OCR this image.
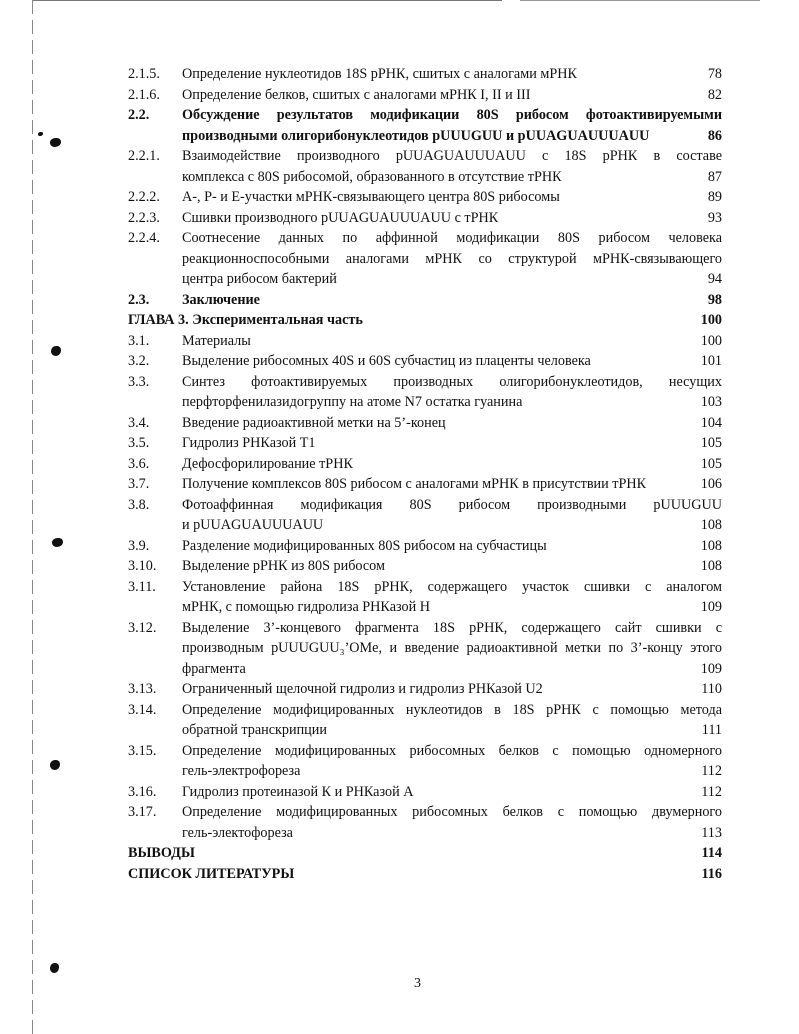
2.1.5.	Определение нуклеотидов 18S рРНК, сшитых с аналогами мРНК	78
2.1.6.	Определение белков, сшитых с аналогами мРНК I, II и III	82
2.2.	Обсуждение результатов модификации 80S рибосом фотоактивируемыми
производными олигорибонуклеотидов pUUUGUU и pUUAGUAUUUAUU	86
2.2.1.	Взаимодействие производного pUUAGUAUUUAUU с 18S рРНК в составе
комплекса с 80S рибосомой, образованного в отсутствие тРНК	87
2.2.2.	А-, Р- и Е-участки мРНК-связывающего центра 80S рибосомы	89
2.2.3.	Сшивки производного pUUAGUAUUUAUU с тРНК	93
2.2.4.	Соотнесение данных по аффинной модификации 80S рибосом человека
реакционноспособными аналогами мРНК со структурой мРНК-связывающего
центра рибосом бактерий	94
2.3.	Заключение	98
ГЛАВА 3. Экспериментальная часть	100
3.1.	Материалы	100
3.2.	Выделение рибосомных 40S и 60S субчастиц из плаценты человека	101
3.3.	Синтез фотоактивируемых производных олигорибонуклеотидов, несущих
перфторфенилазидогруппу на атоме N7 остатка гуанина	103
3.4.	Введение радиоактивной метки на 5’-конец	104
3.5.	Гидролиз РНКазой Т1	105
3.6.	Дефосфорилирование тРНК	105
3.7.	Получение комплексов 80S рибосом с аналогами мРНК в присутствии тРНК	106
3.8.	Фотоаффинная модификация 80S рибосом производными pUUUGUU
и pUUAGUAUUUAUU	108
3.9.	Разделение модифицированных 80S рибосом на субчастицы	108
3.10.	Выделение рРНК из 80S рибосом	108
3.11.	Установление района 18S рРНК, содержащего участок сшивки с аналогом
мРНК, с помощью гидролиза РНКазой Н	109
3.12.	Выделение 3’-концевого фрагмента 18S рРНК, содержащего сайт сшивки с
производным pUUUGUU₃’OMe, и введение радиоактивной метки по 3’-концу этого
фрагмента	109
3.13.	Ограниченный щелочной гидролиз и гидролиз РНКазой U2	110
3.14.	Определение модифицированных нуклеотидов в 18S рРНК с помощью метода
обратной транскрипции	111
3.15.	Определение модифицированных рибосомных белков с помощью одномерного
гель-электрофореза	112
3.16.	Гидролиз протеиназой К и РНКазой А	112
3.17.	Определение модифицированных рибосомных белков с помощью двумерного
гель-электофореза	113
ВЫВОДЫ	114
СПИСОК ЛИТЕРАТУРЫ	116
3
